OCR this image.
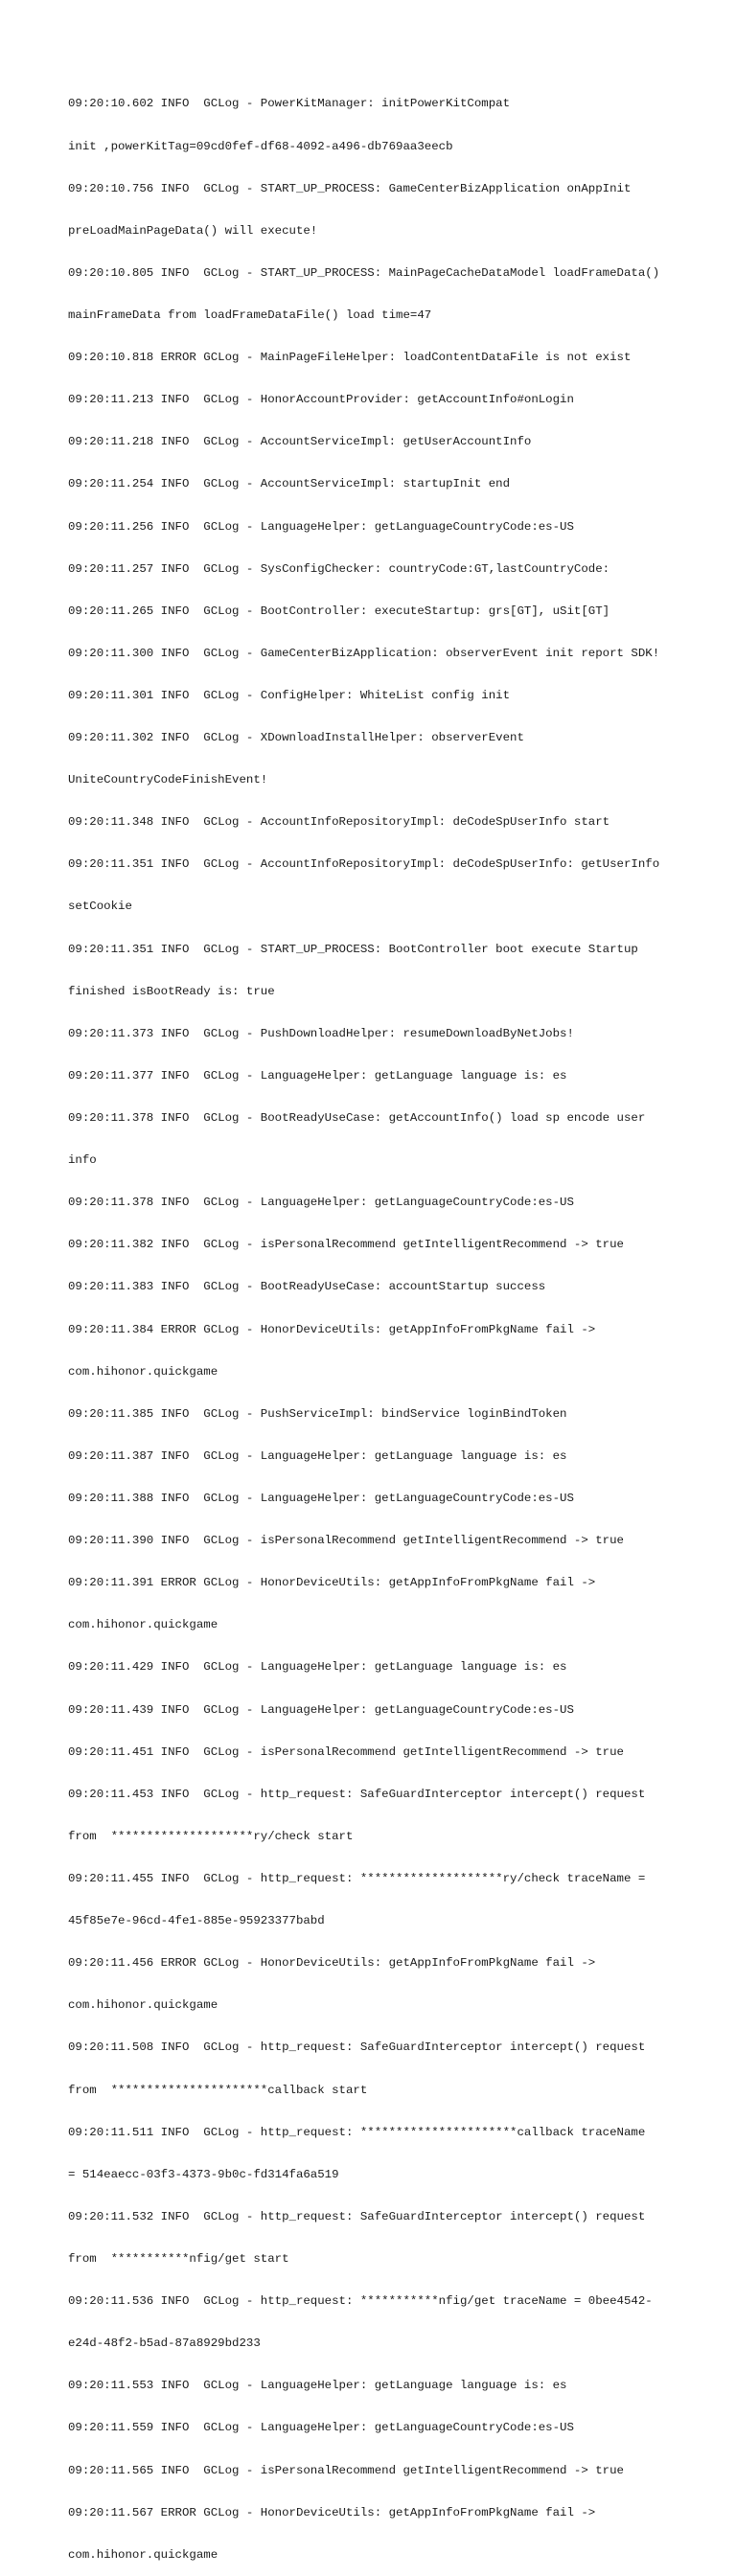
09:20:10.602 INFO  GCLog - PowerKitManager: initPowerKitCompat

init ,powerKitTag=09cd0fef-df68-4092-a496-db769aa3eecb

09:20:10.756 INFO  GCLog - START_UP_PROCESS: GameCenterBizApplication onAppInit

preLoadMainPageData() will execute!

09:20:10.805 INFO  GCLog - START_UP_PROCESS: MainPageCacheDataModel loadFrameData()

mainFrameData from loadFrameDataFile() load time=47

09:20:10.818 ERROR GCLog - MainPageFileHelper: loadContentDataFile is not exist

09:20:11.213 INFO  GCLog - HonorAccountProvider: getAccountInfo#onLogin

09:20:11.218 INFO  GCLog - AccountServiceImpl: getUserAccountInfo

09:20:11.254 INFO  GCLog - AccountServiceImpl: startupInit end

09:20:11.256 INFO  GCLog - LanguageHelper: getLanguageCountryCode:es-US

09:20:11.257 INFO  GCLog - SysConfigChecker: countryCode:GT,lastCountryCode:

09:20:11.265 INFO  GCLog - BootController: executeStartup: grs[GT], uSit[GT]

09:20:11.300 INFO  GCLog - GameCenterBizApplication: observerEvent init report SDK!

09:20:11.301 INFO  GCLog - ConfigHelper: WhiteList config init

09:20:11.302 INFO  GCLog - XDownloadInstallHelper: observerEvent

UniteCountryCodeFinishEvent!

09:20:11.348 INFO  GCLog - AccountInfoRepositoryImpl: deCodeSpUserInfo start

09:20:11.351 INFO  GCLog - AccountInfoRepositoryImpl: deCodeSpUserInfo: getUserInfo

setCookie

09:20:11.351 INFO  GCLog - START_UP_PROCESS: BootController boot execute Startup

finished isBootReady is: true

09:20:11.373 INFO  GCLog - PushDownloadHelper: resumeDownloadByNetJobs!

09:20:11.377 INFO  GCLog - LanguageHelper: getLanguage language is: es

09:20:11.378 INFO  GCLog - BootReadyUseCase: getAccountInfo() load sp encode user

info

09:20:11.378 INFO  GCLog - LanguageHelper: getLanguageCountryCode:es-US

09:20:11.382 INFO  GCLog - isPersonalRecommend getIntelligentRecommend -> true

09:20:11.383 INFO  GCLog - BootReadyUseCase: accountStartup success

09:20:11.384 ERROR GCLog - HonorDeviceUtils: getAppInfoFromPkgName fail ->

com.hihonor.quickgame

09:20:11.385 INFO  GCLog - PushServiceImpl: bindService loginBindToken

09:20:11.387 INFO  GCLog - LanguageHelper: getLanguage language is: es

09:20:11.388 INFO  GCLog - LanguageHelper: getLanguageCountryCode:es-US

09:20:11.390 INFO  GCLog - isPersonalRecommend getIntelligentRecommend -> true

09:20:11.391 ERROR GCLog - HonorDeviceUtils: getAppInfoFromPkgName fail ->

com.hihonor.quickgame

09:20:11.429 INFO  GCLog - LanguageHelper: getLanguage language is: es

09:20:11.439 INFO  GCLog - LanguageHelper: getLanguageCountryCode:es-US

09:20:11.451 INFO  GCLog - isPersonalRecommend getIntelligentRecommend -> true

09:20:11.453 INFO  GCLog - http_request: SafeGuardInterceptor intercept() request

from  ********************ry/check start

09:20:11.455 INFO  GCLog - http_request: ********************ry/check traceName =

45f85e7e-96cd-4fe1-885e-95923377babd

09:20:11.456 ERROR GCLog - HonorDeviceUtils: getAppInfoFromPkgName fail ->

com.hihonor.quickgame

09:20:11.508 INFO  GCLog - http_request: SafeGuardInterceptor intercept() request

from  **********************callback start

09:20:11.511 INFO  GCLog - http_request: **********************callback traceName

= 514eaecc-03f3-4373-9b0c-fd314fa6a519

09:20:11.532 INFO  GCLog - http_request: SafeGuardInterceptor intercept() request

from  ***********nfig/get start

09:20:11.536 INFO  GCLog - http_request: ***********nfig/get traceName = 0bee4542-

e24d-48f2-b5ad-87a8929bd233

09:20:11.553 INFO  GCLog - LanguageHelper: getLanguage language is: es

09:20:11.559 INFO  GCLog - LanguageHelper: getLanguageCountryCode:es-US

09:20:11.565 INFO  GCLog - isPersonalRecommend getIntelligentRecommend -> true

09:20:11.567 ERROR GCLog - HonorDeviceUtils: getAppInfoFromPkgName fail ->

com.hihonor.quickgame
